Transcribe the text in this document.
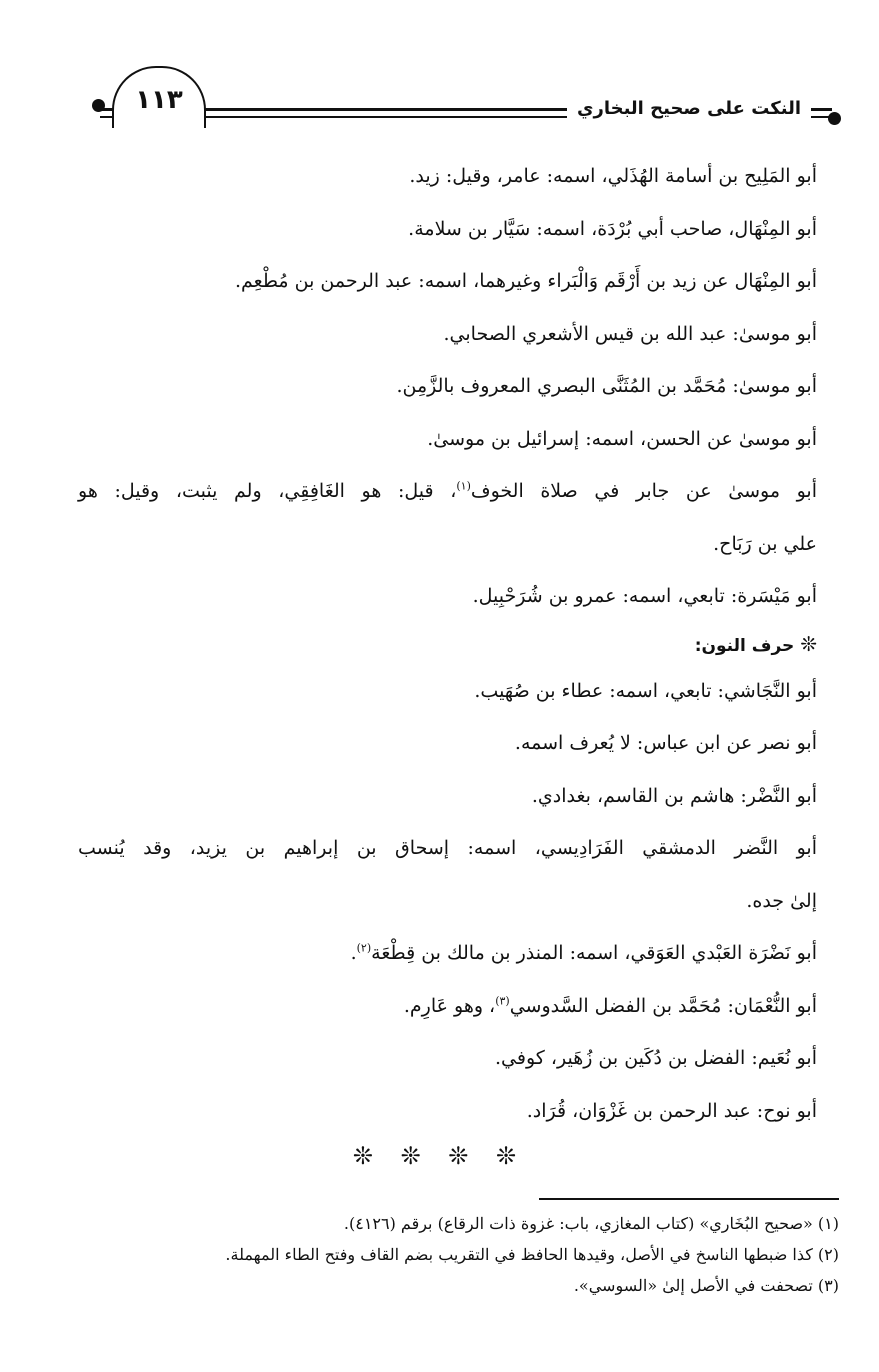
النكت على صحيح البخاري
١١٣
أبو المَلِيح بن أسامة الهُذَلي، اسمه: عامر، وقيل: زيد.
أبو المِنْهَال، صاحب أبي بُرْدَة، اسمه: سَيَّار بن سلامة.
أبو المِنْهَال عن زيد بن أَرْقَم وَالْبَراء وغيرهما، اسمه: عبد الرحمن بن مُطْعِم.
أبو موسىٰ: عبد الله بن قيس الأشعري الصحابي.
أبو موسىٰ: مُحَمَّد بن المُثَنَّى البصري المعروف بالزَّمِن.
أبو موسىٰ عن الحسن، اسمه: إسرائيل بن موسىٰ.
أبو موسىٰ عن جابر في صلاة الخوف$^{(١)}$، قيل: هو الغَافِقِي، ولم يثبت، وقيل: هو
علي بن رَبَاح.
أبو مَيْسَرة: تابعي، اسمه: عمرو بن شُرَحْبِيل.
❊ حرف النون:
أبو النَّجَاشي: تابعي، اسمه: عطاء بن صُهَيب.
أبو نصر عن ابن عباس: لا يُعرف اسمه.
أبو النَّضْر: هاشم بن القاسم، بغدادي.
أبو النَّضر الدمشقي الفَرَادِيسي، اسمه: إسحاق بن إبراهيم بن يزيد، وقد يُنسب
إلىٰ جده.
أبو نَضْرَة العَبْدي العَوَقي، اسمه: المنذر بن مالك بن قِطْعَة$^{(٢)}$.
أبو النُّعْمَان: مُحَمَّد بن الفضل السَّدوسي$^{(٣)}$، وهو عَارِم.
أبو نُعَيم: الفضل بن دُكَين بن زُهَير، كوفي.
أبو نوح: عبد الرحمن بن غَزْوَان، قُرَاد.
❊ ❊ ❊ ❊
(١) «صحيح البُخَاري» (كتاب المغازي، باب: غزوة ذات الرقاع) برقم (٤١٢٦).
(٢) كذا ضبطها الناسخ في الأصل، وقيدها الحافظ في التقريب بضم القاف وفتح الطاء المهملة.
(٣) تصحفت في الأصل إلىٰ «السوسي».
